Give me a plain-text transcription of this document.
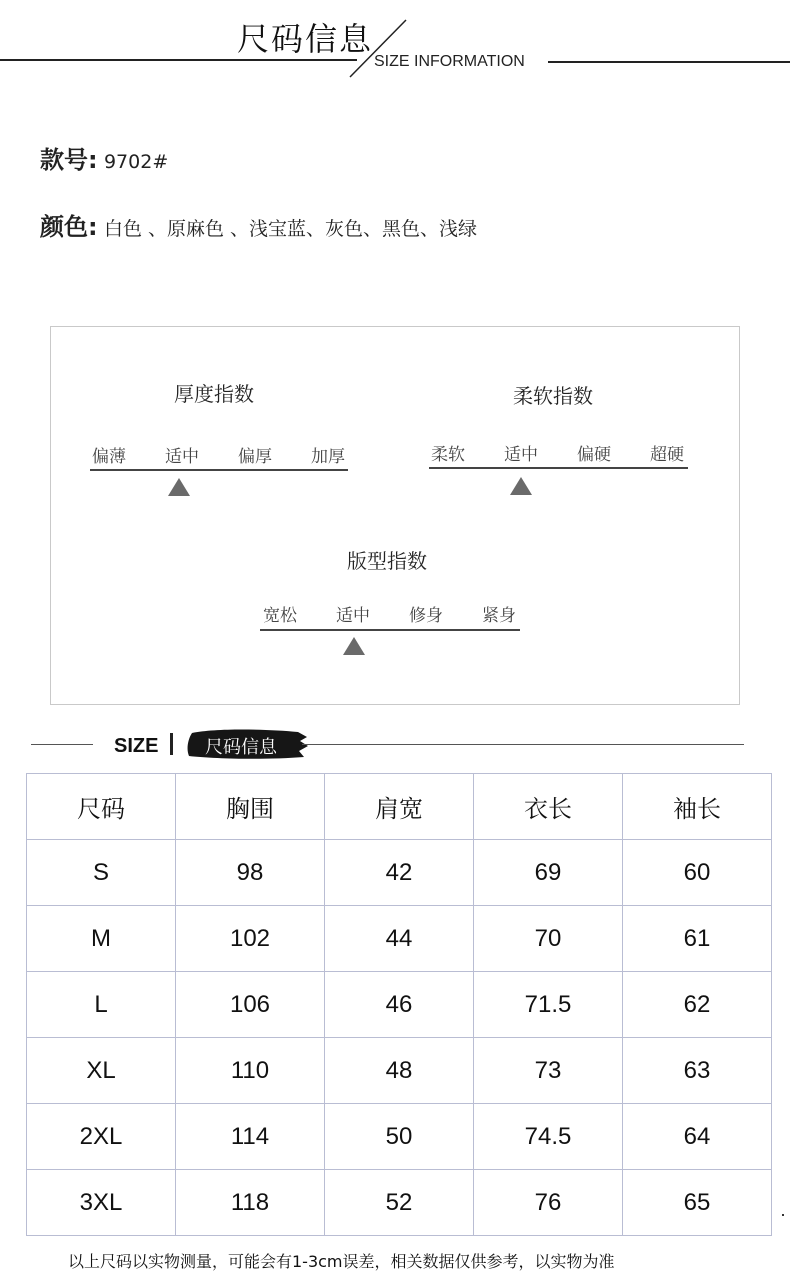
尺码信息
SIZE INFORMATION
款号: 9702#
颜色: 白色 、原麻色 、浅宝蓝、灰色、黑色、浅绿
厚度指数
偏薄 适中 偏厚 加厚
柔软指数
柔软 适中 偏硬 超硬
版型指数
宽松 适中 修身 紧身
SIZE	尺码信息
尺码	胸围	肩宽	衣长	袖长
S	98	42	69	60
M	102	44	70	61
L	106	46	71.5	62
XL	110	48	73	63
2XL	114	50	74.5	64
3XL	118	52	76	65
以上尺码以实物测量，可能会有1-3cm误差，相关数据仅供参考，以实物为准
